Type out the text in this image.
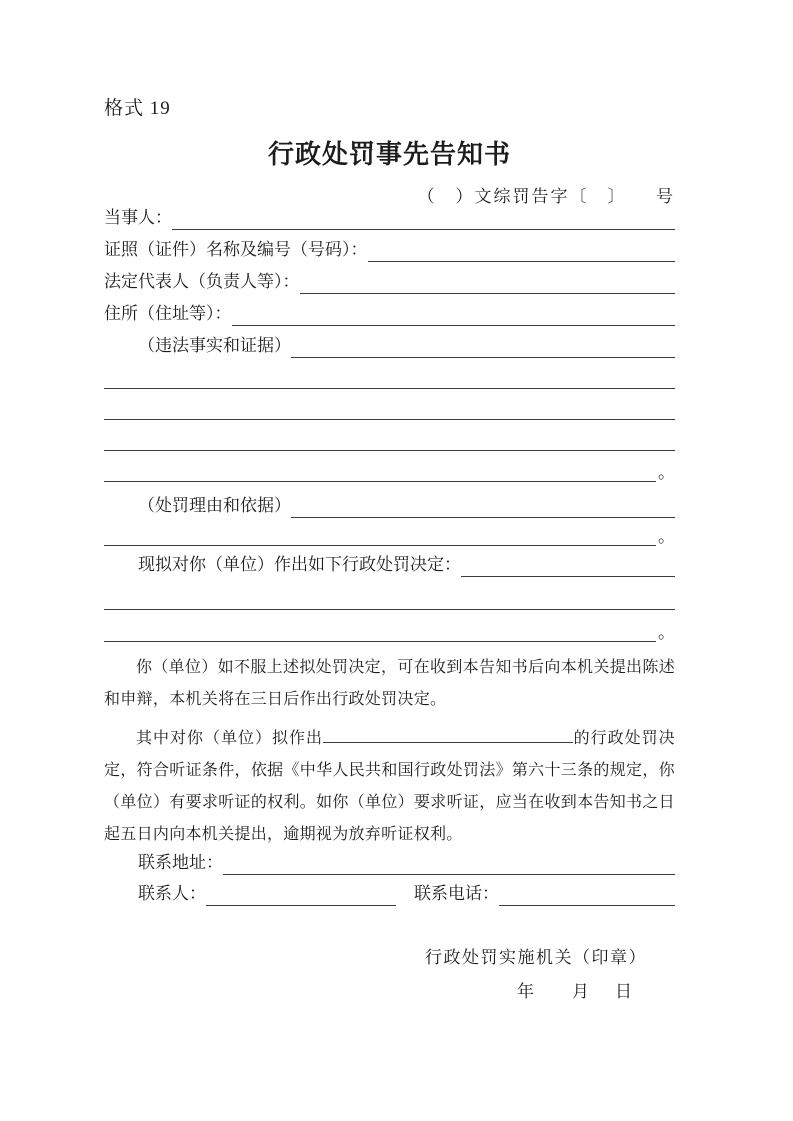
格式 19
行政处罚事先告知书
（　）文综罚告字〔　〕　　号
当事人：
证照（证件）名称及编号（号码）：
法定代表人（负责人等）：
住所（住址等）：
（违法事实和证据）
。
（处罚理由和依据）
。
现拟对你（单位）作出如下行政处罚决定：
。

你（单位）如不服上述拟处罚决定，可在收到本告知书后向本机关提出陈述和申辩，本机关将在三日后作出行政处罚决定。

其中对你（单位）拟作出	的行政处罚决定，符合听证条件，依据《中华人民共和国行政处罚法》第六十三条的规定，你（单位）有要求听证的权利。如你（单位）要求听证，应当在收到本告知书之日起五日内向本机关提出，逾期视为放弃听证权利。

联系地址：
联系人：	联系电话：
行政处罚实施机关（印章）
年 月 日
